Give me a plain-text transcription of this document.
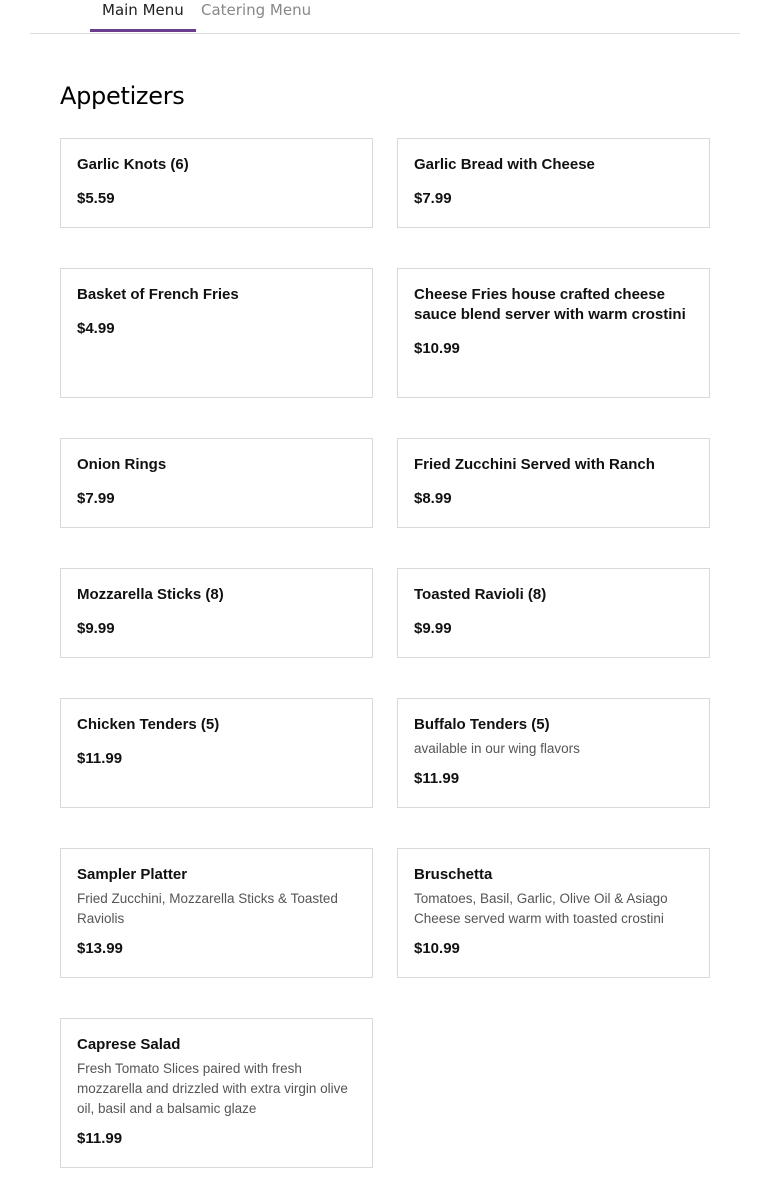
Main Menu	Catering Menu
Appetizers
Garlic Knots (6)
$5.59
Garlic Bread with Cheese
$7.99
Basket of French Fries
$4.99
Cheese Fries house crafted cheese sauce blend server with warm crostini
$10.99
Onion Rings
$7.99
Fried Zucchini Served with Ranch
$8.99
Mozzarella Sticks (8)
$9.99
Toasted Ravioli (8)
$9.99
Chicken Tenders (5)
$11.99
Buffalo Tenders (5)
available in our wing flavors
$11.99
Sampler Platter
Fried Zucchini, Mozzarella Sticks & Toasted Raviolis
$13.99
Bruschetta
Tomatoes, Basil, Garlic, Olive Oil & Asiago Cheese served warm with toasted crostini
$10.99
Caprese Salad
Fresh Tomato Slices paired with fresh mozzarella and drizzled with extra virgin olive oil, basil and a balsamic glaze
$11.99
